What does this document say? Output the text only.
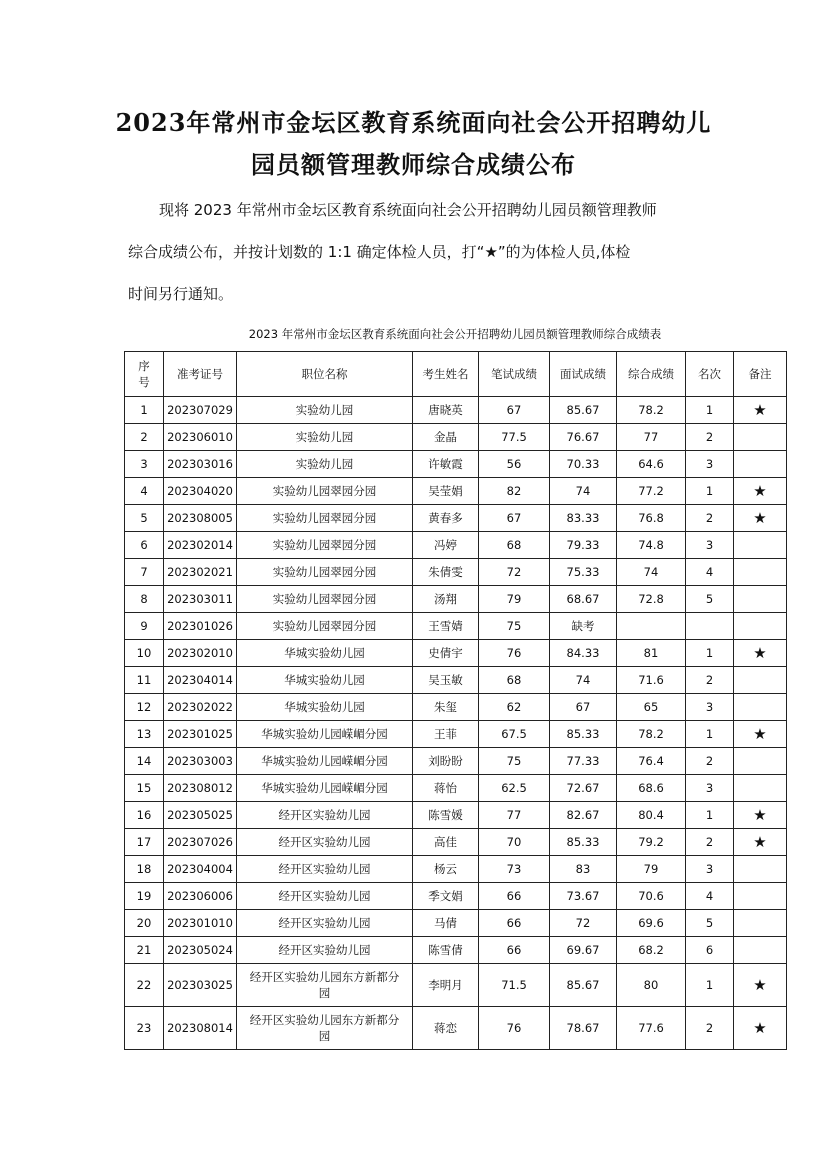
2023年常州市金坛区教育系统面向社会公开招聘幼儿
园员额管理教师综合成绩公布
现将 2023 年常州市金坛区教育系统面向社会公开招聘幼儿园员额管理教师
综合成绩公布，并按计划数的 1:1 确定体检人员，打“★”的为体检人员,体检
时间另行通知。
2023 年常州市金坛区教育系统面向社会公开招聘幼儿园员额管理教师综合成绩表
序号	准考证号	职位名称	考生姓名	笔试成绩	面试成绩	综合成绩	名次	备注
1	202307029	实验幼儿园	唐晓英	67	85.67	78.2	1	★
2	202306010	实验幼儿园	金晶	77.5	76.67	77	2	
3	202303016	实验幼儿园	许敏霞	56	70.33	64.6	3	
4	202304020	实验幼儿园翠园分园	吴莹娟	82	74	77.2	1	★
5	202308005	实验幼儿园翠园分园	黄春多	67	83.33	76.8	2	★
6	202302014	实验幼儿园翠园分园	冯婷	68	79.33	74.8	3	
7	202302021	实验幼儿园翠园分园	朱倩雯	72	75.33	74	4	
8	202303011	实验幼儿园翠园分园	汤翔	79	68.67	72.8	5	
9	202301026	实验幼儿园翠园分园	王雪婧	75	缺考			
10	202302010	华城实验幼儿园	史倩宇	76	84.33	81	1	★
11	202304014	华城实验幼儿园	吴玉敏	68	74	71.6	2	
12	202302022	华城实验幼儿园	朱玺	62	67	65	3	
13	202301025	华城实验幼儿园嵘嵋分园	王菲	67.5	85.33	78.2	1	★
14	202303003	华城实验幼儿园嵘嵋分园	刘盼盼	75	77.33	76.4	2	
15	202308012	华城实验幼儿园嵘嵋分园	蒋怡	62.5	72.67	68.6	3	
16	202305025	经开区实验幼儿园	陈雪媛	77	82.67	80.4	1	★
17	202307026	经开区实验幼儿园	高佳	70	85.33	79.2	2	★
18	202304004	经开区实验幼儿园	杨云	73	83	79	3	
19	202306006	经开区实验幼儿园	季文娟	66	73.67	70.6	4	
20	202301010	经开区实验幼儿园	马倩	66	72	69.6	5	
21	202305024	经开区实验幼儿园	陈雪倩	66	69.67	68.2	6	
22	202303025	经开区实验幼儿园东方新都分园	李明月	71.5	85.67	80	1	★
23	202308014	经开区实验幼儿园东方新都分园	蒋恋	76	78.67	77.6	2	★
